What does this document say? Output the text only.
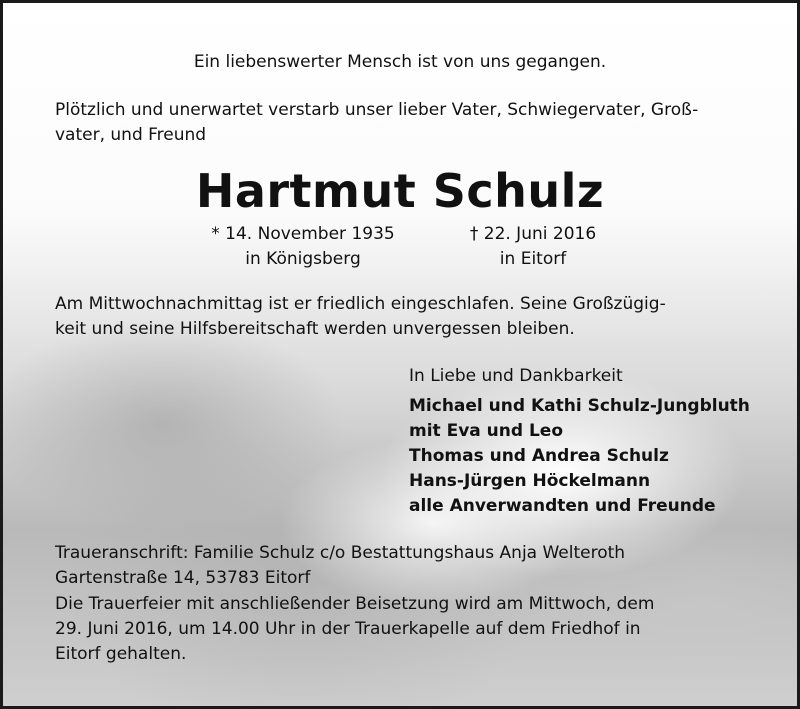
Ein liebenswerter Mensch ist von uns gegangen.

Plötzlich und unerwartet verstarb unser lieber Vater, Schwiegervater, Groß-

vater, und Freund

Hartmut Schulz
* 14. November 1935
in Königsberg
† 22. Juni 2016
in Eitorf

Am Mittwochnachmittag ist er friedlich eingeschlafen. Seine Großzügig-

keit und seine Hilfsbereitschaft werden unvergessen bleiben.

In Liebe und Dankbarkeit

Michael und Kathi Schulz-Jungbluth

mit Eva und Leo

Thomas und Andrea Schulz

Hans-Jürgen Höckelmann

alle Anverwandten und Freunde

Traueranschrift: Familie Schulz c/o Bestattungshaus Anja Welteroth

Gartenstraße 14, 53783 Eitorf

Die Trauerfeier mit anschließender Beisetzung wird am Mittwoch, dem

29. Juni 2016, um 14.00 Uhr in der Trauerkapelle auf dem Friedhof in

Eitorf gehalten.
